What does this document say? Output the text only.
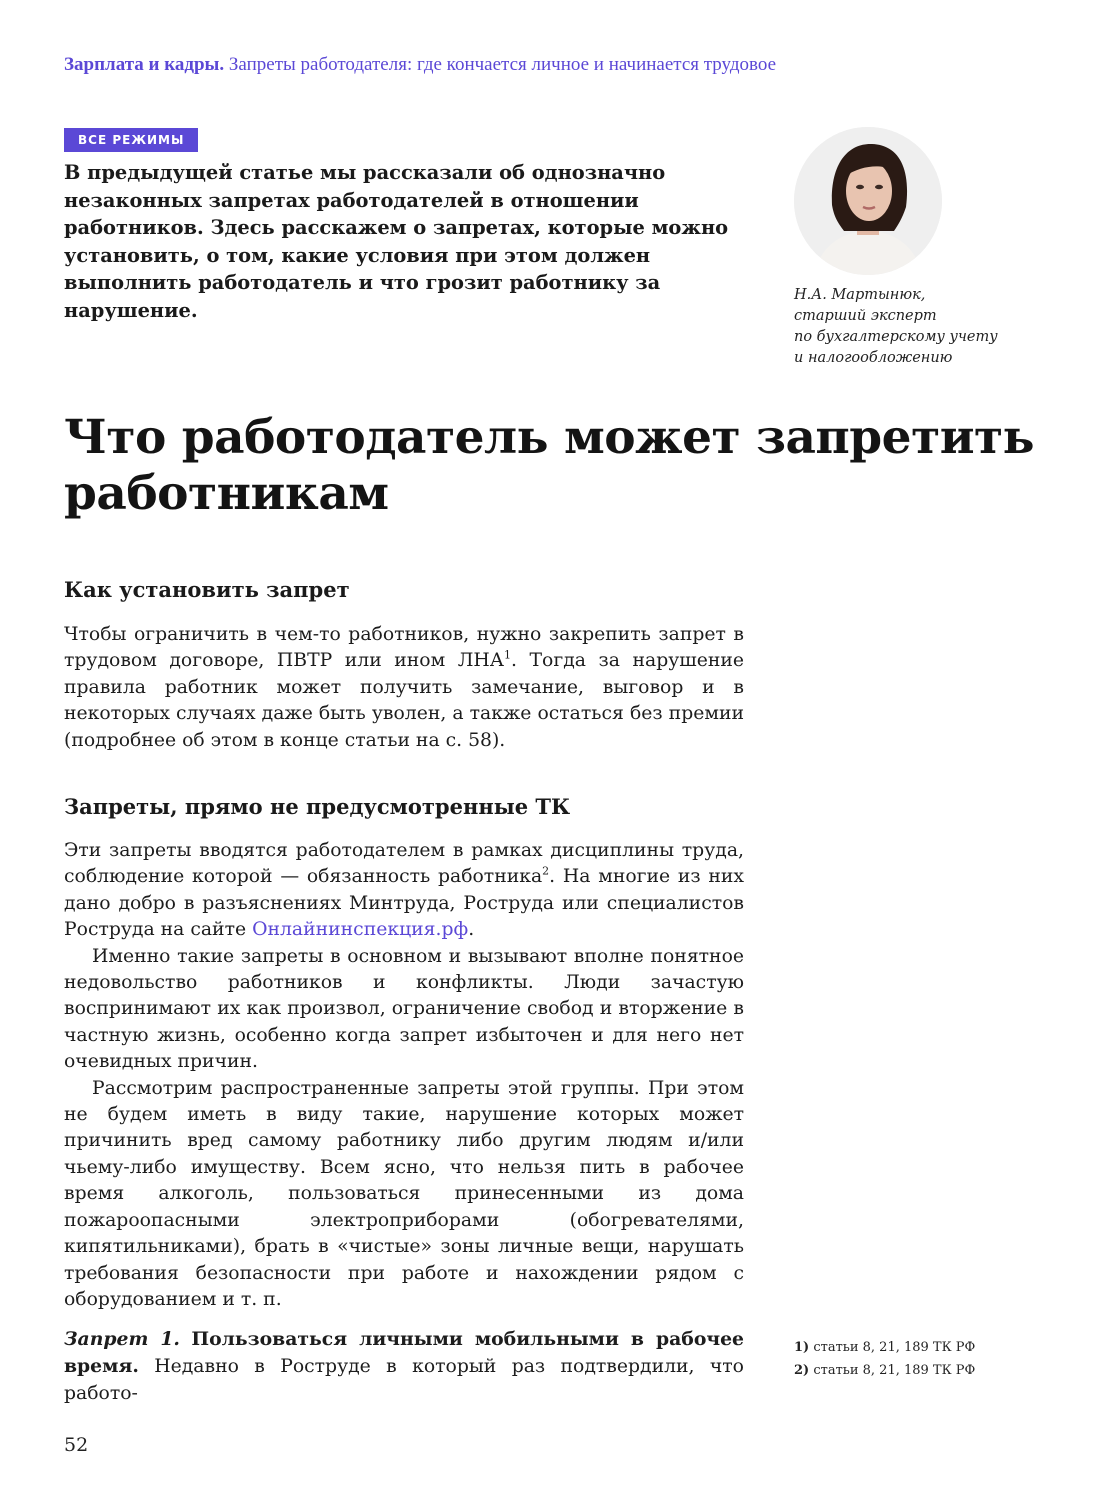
Зарплата и кадры. Запреты работодателя: где кончается личное и начинается трудовое
ВСЕ РЕЖИМЫ
В предыдущей статье мы рассказали об однозначно незаконных запретах работодателей в отношении работников. Здесь расскажем о запретах, которые можно установить, о том, какие условия при этом должен выполнить работодатель и что грозит работнику за нарушение.
Н.А. Мартынюк,
старший эксперт
по бухгалтерскому учету
и налогообложению
Что работодатель может запретить работникам
Как установить запрет

Чтобы ограничить в чем-то работников, нужно закрепить запрет в трудовом договоре, ПВТР или ином ЛНА$^1$. Тогда за нарушение правила работник может получить замечание, выговор и в некоторых случаях даже быть уволен, а также остаться без премии (подробнее об этом в конце статьи на с. 58).

Запреты, прямо не предусмотренные ТК

Эти запреты вводятся работодателем в рамках дисциплины труда, соблюдение которой — обязанность работника$^2$. На многие из них дано добро в разъяснениях Минтруда, Роструда или специалистов Роструда на сайте Онлайнинспекция.рф.

Именно такие запреты в основном и вызывают вполне понятное недовольство работников и конфликты. Люди зачастую воспринимают их как произвол, ограничение свобод и вторжение в частную жизнь, особенно когда запрет избыточен и для него нет очевидных причин.

Рассмотрим распространенные запреты этой группы. При этом не будем иметь в виду такие, нарушение которых может причинить вред самому работнику либо другим людям и/или чьему-либо имуществу. Всем ясно, что нельзя пить в рабочее время алкоголь, пользоваться принесенными из дома пожароопасными электроприборами (обогревателями, кипятильниками), брать в «чистые» зоны личные вещи, нарушать требования безопасности при работе и нахождении рядом с оборудованием и т. п.

Запрет 1. Пользоваться личными мобильными в рабочее время. Недавно в Роструде в который раз подтвердили, что работо-

1) статьи 8, 21, 189 ТК РФ
2) статьи 8, 21, 189 ТК РФ
52
